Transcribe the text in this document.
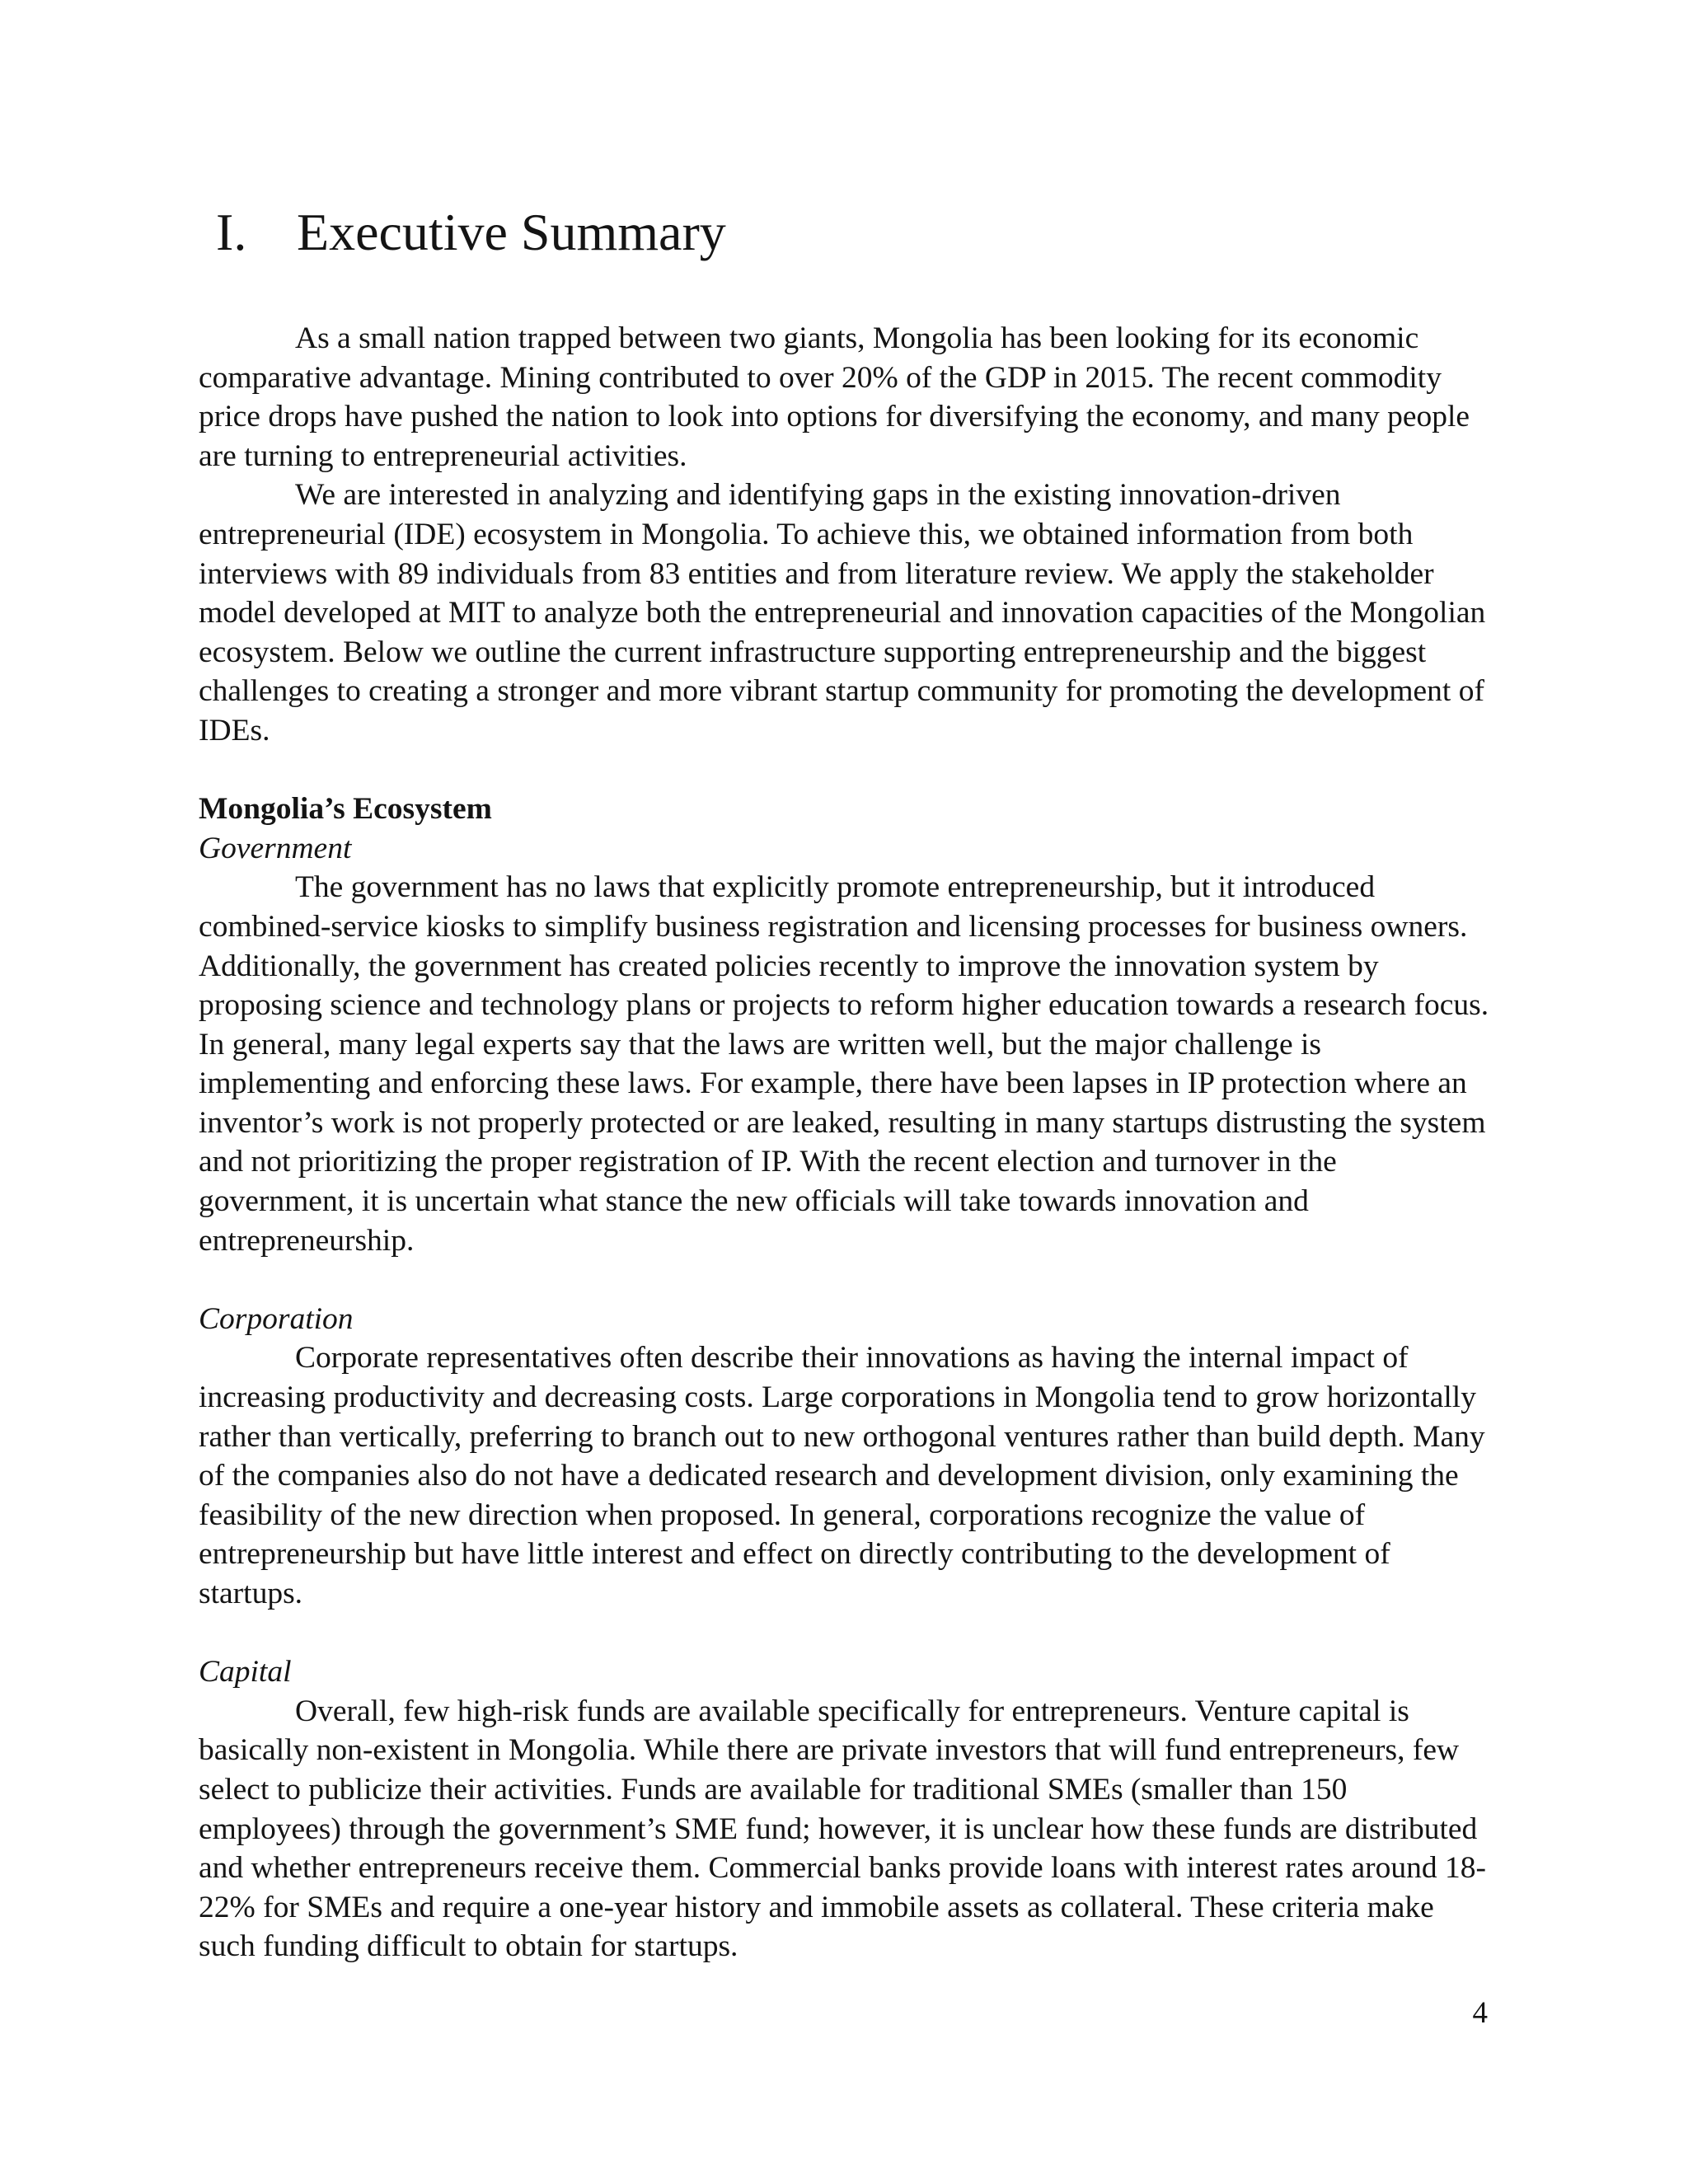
I. Executive Summary

As a small nation trapped between two giants, Mongolia has been looking for its economic comparative advantage. Mining contributed to over 20% of the GDP in 2015. The recent commodity price drops have pushed the nation to look into options for diversifying the economy, and many people are turning to entrepreneurial activities.

We are interested in analyzing and identifying gaps in the existing innovation-driven entrepreneurial (IDE) ecosystem in Mongolia. To achieve this, we obtained information from both interviews with 89 individuals from 83 entities and from literature review. We apply the stakeholder model developed at MIT to analyze both the entrepreneurial and innovation capacities of the Mongolian ecosystem. Below we outline the current infrastructure supporting entrepreneurship and the biggest challenges to creating a stronger and more vibrant startup community for promoting the development of IDEs.

Mongolia’s Ecosystem
Government

The government has no laws that explicitly promote entrepreneurship, but it introduced combined-service kiosks to simplify business registration and licensing processes for business owners. Additionally, the government has created policies recently to improve the innovation system by proposing science and technology plans or projects to reform higher education towards a research focus. In general, many legal experts say that the laws are written well, but the major challenge is implementing and enforcing these laws. For example, there have been lapses in IP protection where an inventor’s work is not properly protected or are leaked, resulting in many startups distrusting the system and not prioritizing the proper registration of IP. With the recent election and turnover in the government, it is uncertain what stance the new officials will take towards innovation and entrepreneurship.

Corporation

Corporate representatives often describe their innovations as having the internal impact of increasing productivity and decreasing costs. Large corporations in Mongolia tend to grow horizontally rather than vertically, preferring to branch out to new orthogonal ventures rather than build depth. Many of the companies also do not have a dedicated research and development division, only examining the feasibility of the new direction when proposed. In general, corporations recognize the value of entrepreneurship but have little interest and effect on directly contributing to the development of startups.

Capital

Overall, few high-risk funds are available specifically for entrepreneurs. Venture capital is basically non-existent in Mongolia. While there are private investors that will fund entrepreneurs, few select to publicize their activities. Funds are available for traditional SMEs (smaller than 150 employees) through the government’s SME fund; however, it is unclear how these funds are distributed and whether entrepreneurs receive them. Commercial banks provide loans with interest rates around 18-22% for SMEs and require a one-year history and immobile assets as collateral. These criteria make such funding difficult to obtain for startups.

4
